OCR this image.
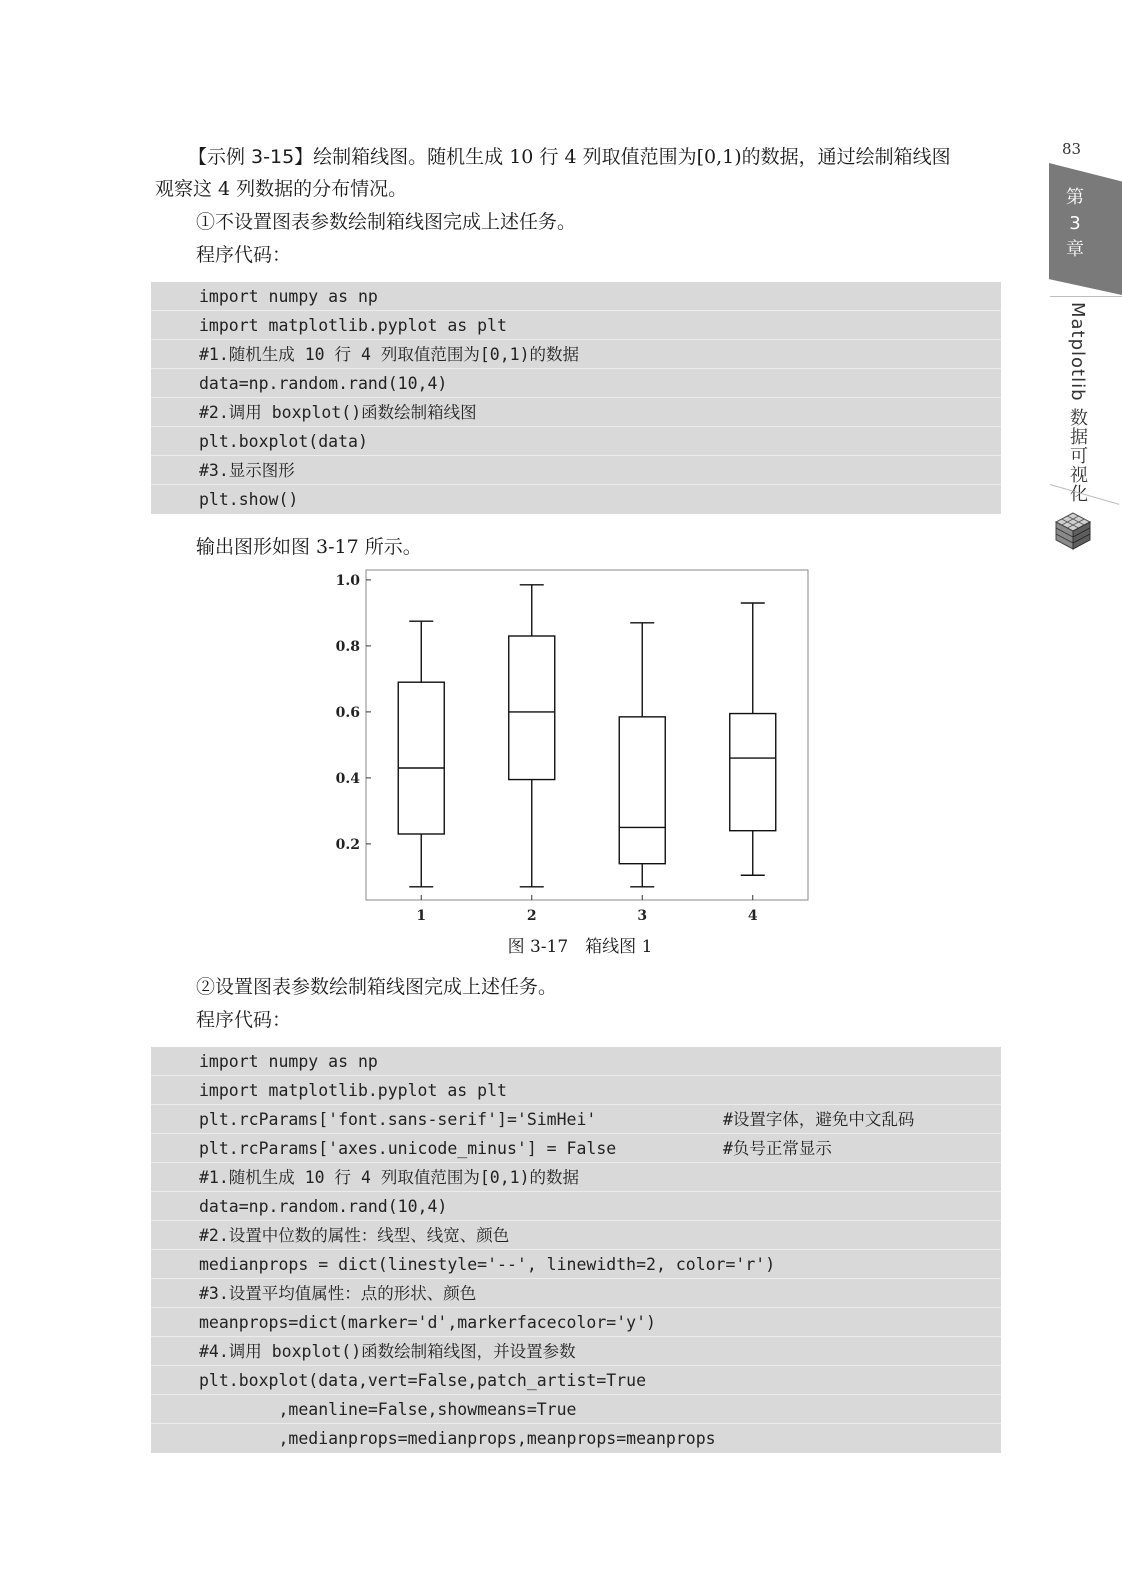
【示例 3-15】绘制箱线图。随机生成 10 行 4 列取值范围为[0,1)的数据，通过绘制箱线图
观察这 4 列数据的分布情况。
①不设置图表参数绘制箱线图完成上述任务。
程序代码：
import numpy as np
import matplotlib.pyplot as plt
#1.随机生成 10 行 4 列取值范围为[0,1)的数据
data=np.random.rand(10,4)
#2.调用 boxplot()函数绘制箱线图
plt.boxplot(data)
#3.显示图形
plt.show()
输出图形如图 3-17 所示。
0.2
0.4
0.6
0.8
1.0
1	2	3	4
图 3-17　箱线图 1
②设置图表参数绘制箱线图完成上述任务。
程序代码：
import numpy as np
import matplotlib.pyplot as plt
plt.rcParams['font.sans-serif']='SimHei'	#设置字体，避免中文乱码
plt.rcParams['axes.unicode_minus'] = False	#负号正常显示
#1.随机生成 10 行 4 列取值范围为[0,1)的数据
data=np.random.rand(10,4)
#2.设置中位数的属性：线型、线宽、颜色
medianprops = dict(linestyle='--', linewidth=2, color='r')
#3.设置平均值属性：点的形状、颜色
meanprops=dict(marker='d',markerfacecolor='y')
#4.调用 boxplot()函数绘制箱线图，并设置参数
plt.boxplot(data,vert=False,patch_artist=True
,meanline=False,showmeans=True
,medianprops=medianprops,meanprops=meanprops
83
第
3
章
Matplotlib 数据可视化
